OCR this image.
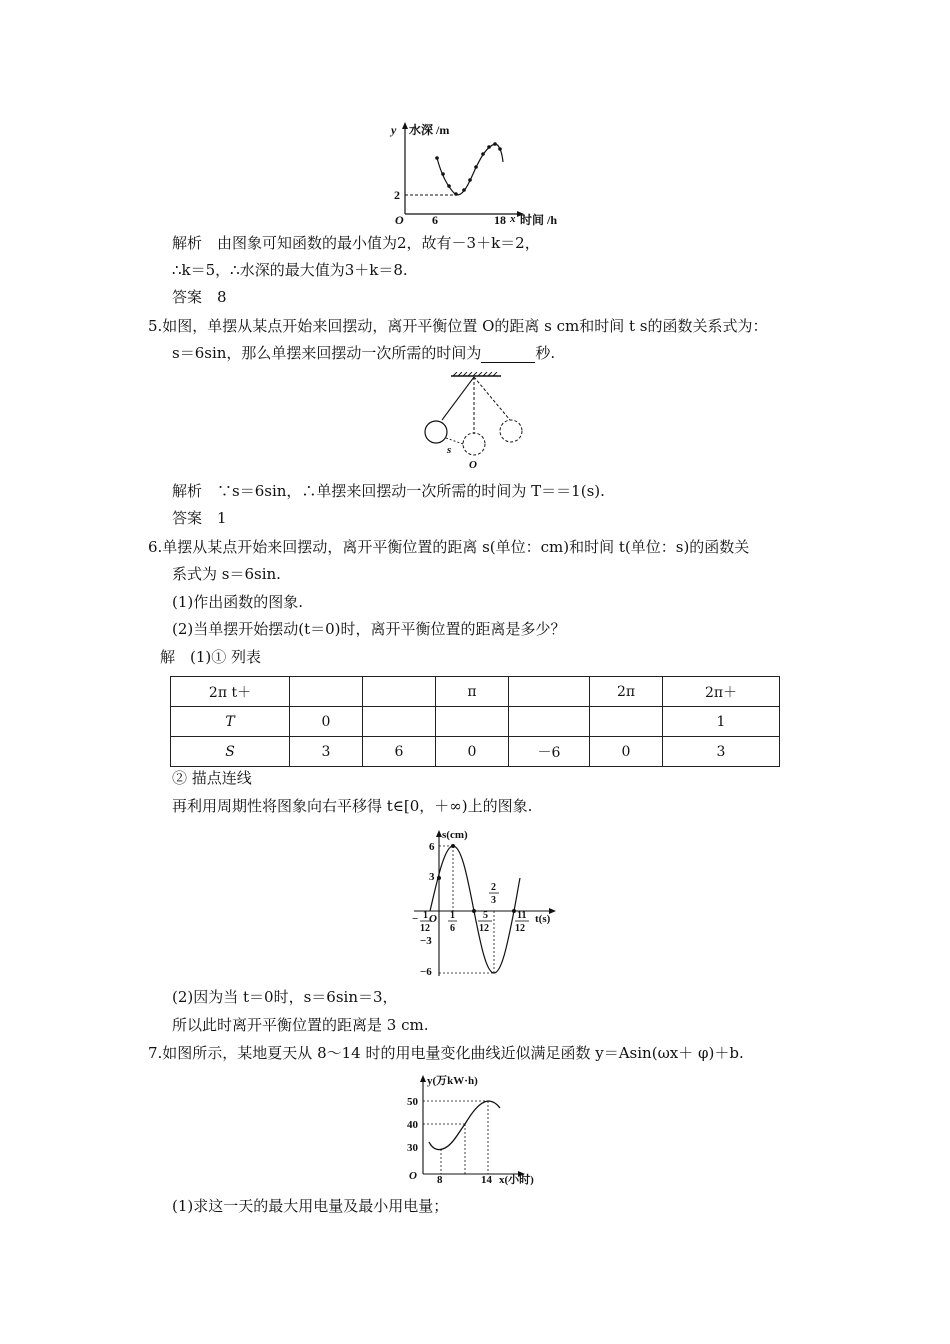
y 水深 /m
O 6	18 x 时间 /h
2
解析　由图象可知函数的最小值为2，故有－3＋k＝2，
∴k＝5，∴水深的最大值为3＋k＝8.
答案　8
5.如图，单摆从某点开始来回摆动，离开平衡位置 O的距离 s cm和时间 t s的函数关系式为：
s＝6sin，那么单摆来回摆动一次所需的时间为	秒.
s
O
解析　∵s＝6sin，∴单摆来回摆动一次所需的时间为 T＝＝1(s).
答案　1
6.单摆从某点开始来回摆动，离开平衡位置的距离 s(单位：cm)和时间 t(单位：s)的函数关
系式为 s＝6sin.
(1)作出函数的图象.
(2)当单摆开始摆动(t＝0)时，离开平衡位置的距离是多少？
解　(1)① 列表
2π t＋			π		2π	2π＋
T	0					1
S	3	6	0	－6	0	3
② 描点连线
再利用周期性将图象向右平移得 t∈[0，＋∞)上的图象.
s(cm)
6
3
−3
−6
O
− 1
12
1
6
5
12
2
3
11
12
t(s)
(2)因为当 t＝0时，s＝6sin＝3，
所以此时离开平衡位置的距离是 3 cm.
7.如图所示，某地夏天从 8～14 时的用电量变化曲线近似满足函数 y＝Asin(ωx＋ φ)＋b.
y(万kW·h)
50
40
30
O 8	14 x(小时)
(1)求这一天的最大用电量及最小用电量；
